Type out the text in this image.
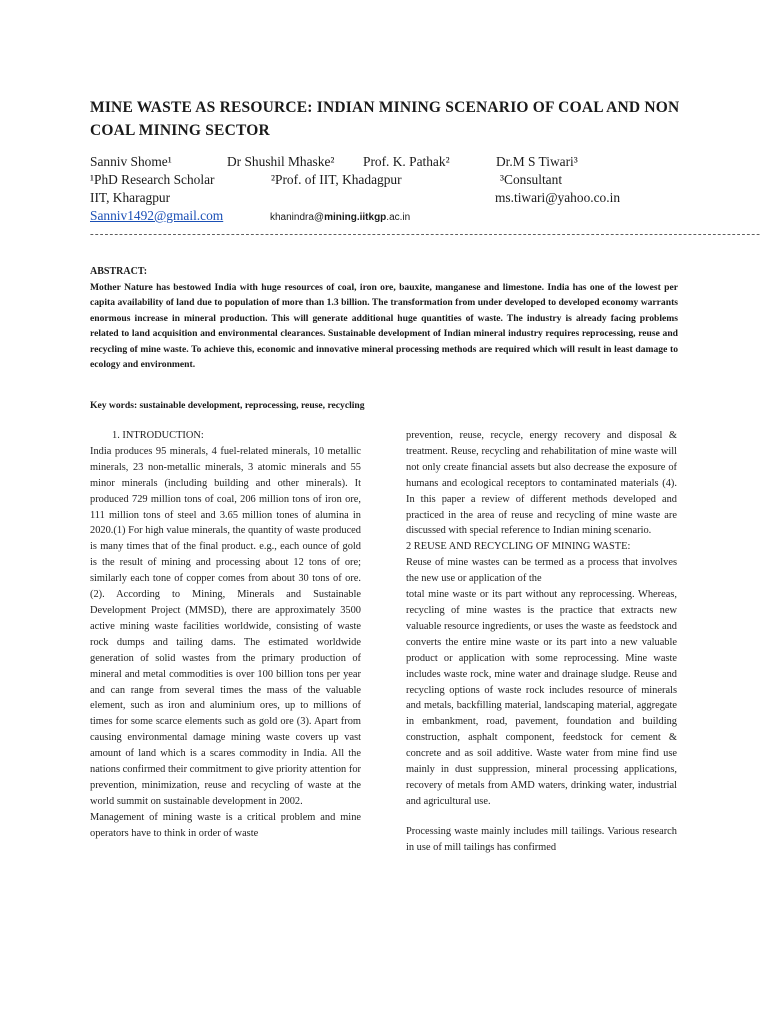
MINE WASTE AS RESOURCE: INDIAN MINING SCENARIO OF COAL AND NON COAL MINING SECTOR
Sanniv Shome¹	Dr Shushil Mhaske² Prof. K. Pathak²	Dr.M S Tiwari³
¹PhD Research Scholar	²Prof. of IIT, Khadagpur	³Consultant
IIT, Kharagpur	ms.tiwari@yahoo.co.in
Sanniv1492@gmail.com	khanindra@mining.iitkgp.ac.in
------------------------------------------------------------------------------------------------------------------------------------------
ABSTRACT:
Mother Nature has bestowed India with huge resources of coal, iron ore, bauxite, manganese and limestone. India has one of the lowest per capita availability of land due to population of more than 1.3 billion. The transformation from under developed to developed economy warrants enormous increase in mineral production. This will generate additional huge quantities of waste. The industry is already facing problems related to land acquisition and environmental clearances. Sustainable development of Indian mineral industry requires reprocessing, reuse and recycling of mine waste. To achieve this, economic and innovative mineral processing methods are required which will result in least damage to ecology and environment.
Key words: sustainable development, reprocessing, reuse, recycling

1. INTRODUCTION:

India produces 95 minerals, 4 fuel-related minerals, 10 metallic minerals, 23 non-metallic minerals, 3 atomic minerals and 55 minor minerals (including building and other minerals). It produced 729 million tons of coal, 206 million tons of iron ore, 111 million tons of steel and 3.65 million tones of alumina in 2020.(1) For high value minerals, the quantity of waste produced is many times that of the final product. e.g., each ounce of gold is the result of mining and processing about 12 tons of ore; similarly each tone of copper comes from about 30 tons of ore. (2). According to Mining, Minerals and Sustainable Development Project (MMSD), there are approximately 3500 active mining waste facilities worldwide, consisting of waste rock dumps and tailing dams. The estimated worldwide generation of solid wastes from the primary production of mineral and metal commodities is over 100 billion tons per year and can range from several times the mass of the valuable element, such as iron and aluminium ores, up to millions of times for some scarce elements such as gold ore (3). Apart from causing environmental damage mining waste covers up vast amount of land which is a scares commodity in India. All the nations confirmed their commitment to give priority attention for prevention, minimization, reuse and recycling of waste at the world summit on sustainable development in 2002.

Management of mining waste is a critical problem and mine operators have to think in order of waste

prevention, reuse, recycle, energy recovery and disposal & treatment. Reuse, recycling and rehabilitation of mine waste will not only create financial assets but also decrease the exposure of humans and ecological receptors to contaminated materials (4). In this paper a review of different methods developed and practiced in the area of reuse and recycling of mine waste are discussed with special reference to Indian mining scenario.

2 REUSE AND RECYCLING OF MINING WASTE:

Reuse of mine wastes can be termed as a process that involves the new use or application of the

total mine waste or its part without any reprocessing. Whereas, recycling of mine wastes is the practice that extracts new valuable resource ingredients, or uses the waste as feedstock and converts the entire mine waste or its part into a new valuable product or application with some reprocessing. Mine waste includes waste rock, mine water and drainage sludge. Reuse and recycling options of waste rock includes resource of minerals and metals, backfilling material, landscaping material, aggregate in embankment, road, pavement, foundation and building construction, asphalt component, feedstock for cement & concrete and as soil additive. Waste water from mine find use mainly in dust suppression, mineral processing applications, recovery of metals from AMD waters, drinking water, industrial and agricultural use.

Processing waste mainly includes mill tailings. Various research in use of mill tailings has confirmed
